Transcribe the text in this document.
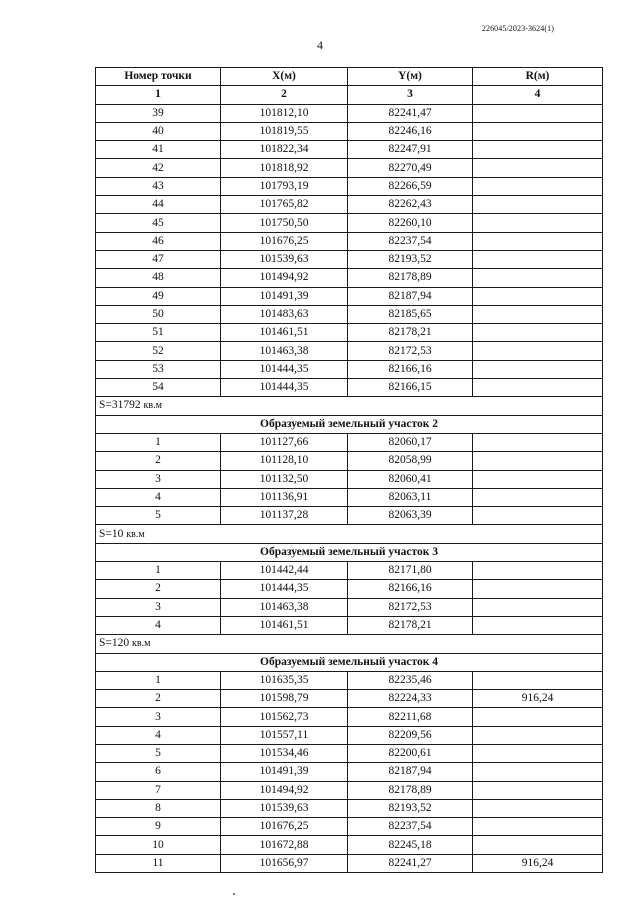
226045/2023-3624(1)
4
Номер точки	X(м)	Y(м)	R(м)
1	2	3	4
39	101812,10	82241,47	
40	101819,55	82246,16	
41	101822,34	82247,91	
42	101818,92	82270,49	
43	101793,19	82266,59	
44	101765,82	82262,43	
45	101750,50	82260,10	
46	101676,25	82237,54	
47	101539,63	82193,52	
48	101494,92	82178,89	
49	101491,39	82187,94	
50	101483,63	82185,65	
51	101461,51	82178,21	
52	101463,38	82172,53	
53	101444,35	82166,16	
54	101444,35	82166,15	
S=31792 кв.м			
Образуемый земельный участок 2			
1	101127,66	82060,17	
2	101128,10	82058,99	
3	101132,50	82060,41	
4	101136,91	82063,11	
5	101137,28	82063,39	
S=10 кв.м			
Образуемый земельный участок 3			
1	101442,44	82171,80	
2	101444,35	82166,16	
3	101463,38	82172,53	
4	101461,51	82178,21	
S=120 кв.м			
Образуемый земельный участок 4			
1	101635,35	82235,46	
2	101598,79	82224,33	916,24
3	101562,73	82211,68	
4	101557,11	82209,56	
5	101534,46	82200,61	
6	101491,39	82187,94	
7	101494,92	82178,89	
8	101539,63	82193,52	
9	101676,25	82237,54	
10	101672,88	82245,18	
11	101656,97	82241,27	916,24
